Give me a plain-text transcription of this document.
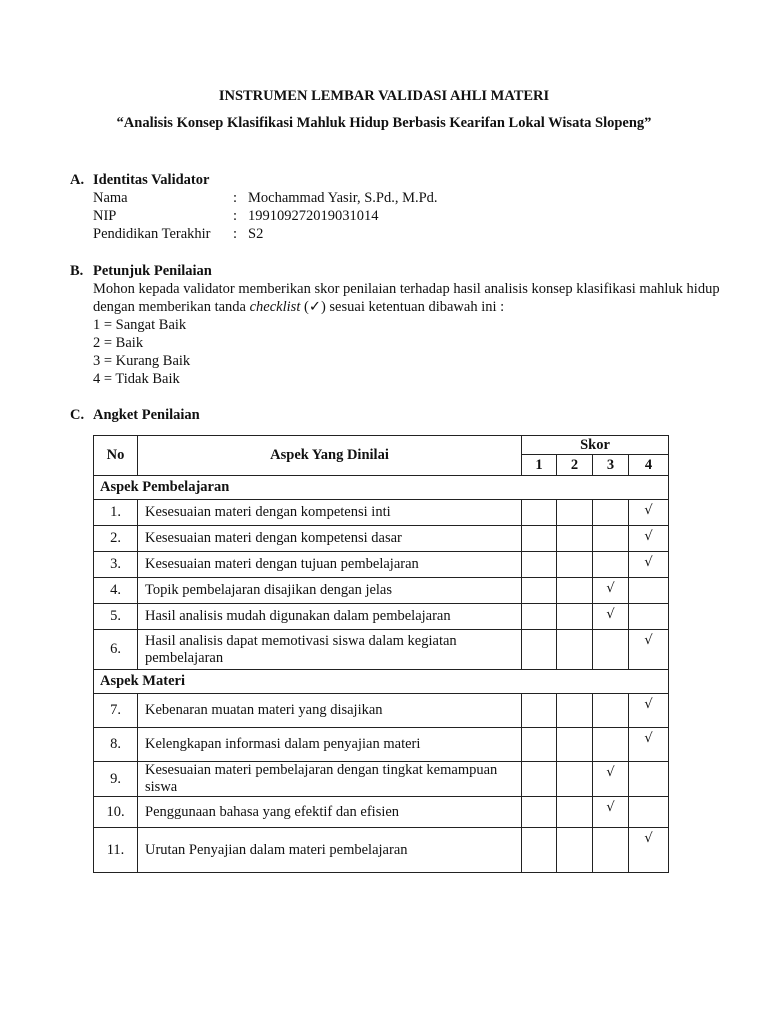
INSTRUMEN LEMBAR VALIDASI AHLI MATERI
“Analisis Konsep Klasifikasi Mahluk Hidup Berbasis Kearifan Lokal Wisata Slopeng”
A. Identitas Validator
Nama	: Mochammad Yasir, S.Pd., M.Pd.
NIP	: 199109272019031014
Pendidikan Terakhir	: S2
B. Petunjuk Penilaian
Mohon kepada validator memberikan skor penilaian terhadap hasil analisis konsep klasifikasi mahluk hidup dengan memberikan tanda checklist (✓) sesuai ketentuan dibawah ini :
1 = Sangat Baik
2 = Baik
3 = Kurang Baik
4 = Tidak Baik
C. Angket Penilaian
No	Aspek Yang Dinilai	Skor			
		1	2	3	4
Aspek Pembelajaran					
1.	Kesesuaian materi dengan kompetensi inti				√
2.	Kesesuaian materi dengan kompetensi dasar				√
3.	Kesesuaian materi dengan tujuan pembelajaran				√
4.	Topik pembelajaran disajikan dengan jelas			√	
5.	Hasil analisis mudah digunakan dalam pembelajaran			√	
6.	Hasil analisis dapat memotivasi siswa dalam kegiatan pembelajaran				√
Aspek Materi					
7.	Kebenaran muatan materi yang disajikan				√
8.	Kelengkapan informasi dalam penyajian materi				√
9.	Kesesuaian materi pembelajaran dengan tingkat kemampuan siswa			√	
10.	Penggunaan bahasa yang efektif dan efisien			√	
11.	Urutan Penyajian dalam materi pembelajaran				√
